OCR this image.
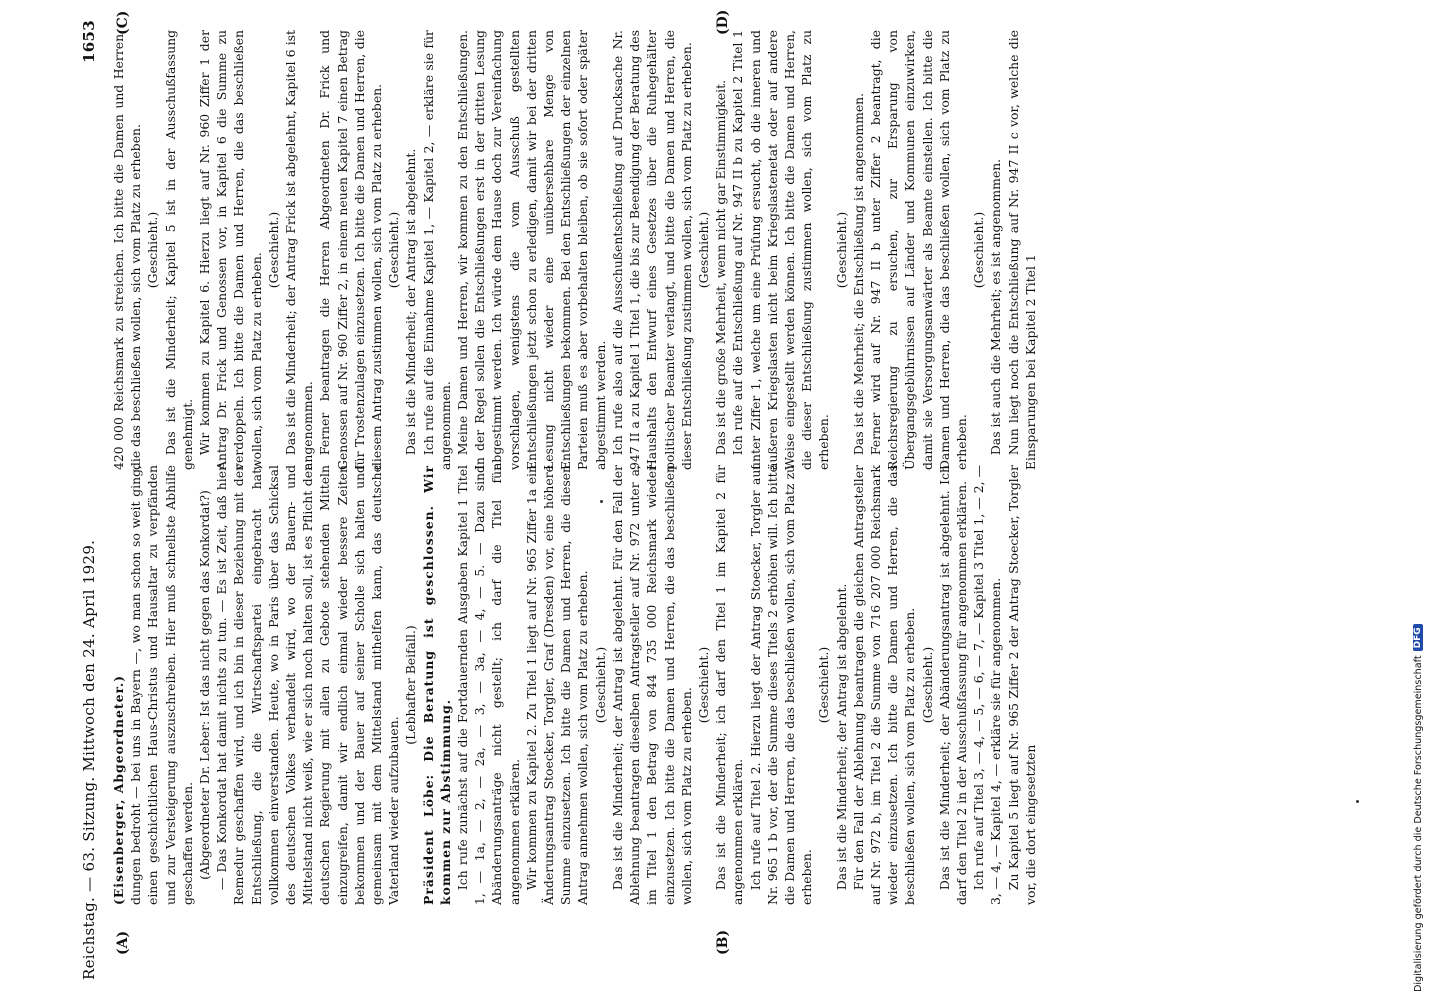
Reichstag. — 63. Sitzung. Mittwoch den 24. April 1929.
1653
(A)	(B)
(C)	(D)

(Eisenberger, Abgeordneter.) dungen bedroht — bei uns in Bayern —, wo man schon so weit ging, einen geschichtlichen Haus-Christus und Hausaltar zu verpfänden und zur Versteigerung auszuschreiben. Hier muß schnellste Abhilfe geschaffen werden. (Abgeordneter Dr. Leber: Ist das nicht gegen das Konkordat?) — Das Konkordat hat damit nichts zu tun. — Es ist Zeit, daß hier Remedur geschaffen wird, und ich bin in dieser Beziehung mit der Entschließung, die die Wirtschaftspartei eingebracht hat, vollkommen einverstanden. Heute, wo in Paris über das Schicksal des deutschen Volkes verhandelt wird, wo der Bauern- und Mittelstand nicht weiß, wie er sich noch halten soll, ist es Pflicht der deutschen Regierung mit allen zu Gebote stehenden Mitteln einzugreifen, damit wir endlich einmal wieder bessere Zeiten bekommen und der Bauer auf seiner Scholle sich halten und gemeinsam mit dem Mittelstand mithelfen kann, das deutsche Vaterland wieder aufzubauen.

(Lebhafter Beifall.) Präsident Löbe: Die Beratung ist geschlossen. Wir kommen zur Abstimmung. Ich rufe zunächst auf die Fortdauernden Ausgaben Kapitel 1 Titel 1, — 1a, — 2, — 2a, — 3, — 3a, — 4, — 5. — Dazu sind Abänderungsanträge nicht gestellt; ich darf die Titel für angenommen erklären. Wir kommen zu Kapitel 2. Zu Titel 1 liegt auf Nr. 965 Ziffer 1a ein Änderungsantrag Stoecker, Torgler, Graf (Dresden) vor, eine höhere Summe einzusetzen. Ich bitte die Damen und Herren, die diesen Antrag annehmen wollen, sich vom Platz zu erheben. (Geschieht.) Das ist die Minderheit; der Antrag ist abgelehnt. Für den Fall der Ablehnung beantragen dieselben Antragsteller auf Nr. 972 unter a, im Titel 1 den Betrag von 844 735 000 Reichsmark wieder einzusetzen. Ich bitte die Damen und Herren, die das beschließen wollen, sich vom Platz zu erheben.

(Geschieht.) Das ist die Minderheit; ich darf den Titel 1 im Kapitel 2 für angenommen erklären. Ich rufe auf Titel 2. Hierzu liegt der Antrag Stoecker, Torgler auf Nr. 965 1 b vor, der die Summe dieses Titels 2 erhöhen will. Ich bitte die Damen und Herren, die das beschließen wollen, sich vom Platz zu erheben.

(Geschieht.) Das ist die Minderheit; der Antrag ist abgelehnt. Für den Fall der Ablehnung beantragen die gleichen Antragsteller auf Nr. 972 b, im Titel 2 die Summe von 716 207 000 Reichsmark wieder einzusetzen. Ich bitte die Damen und Herren, die das beschließen wollen, sich vom Platz zu erheben. (Geschieht.) Das ist die Minderheit; der Abänderungsantrag ist abgelehnt. Ich darf den Titel 2 in der Ausschußfassung für angenommen erklären. Ich rufe auf Titel 3, — 4, — 5, — 6, — 7, — Kapitel 3 Titel 1, — 2, — 3, — 4, — Kapitel 4, — erkläre sie für angenommen. Zu Kapitel 5 liegt auf Nr. 965 Ziffer 2 der Antrag Stoecker, Torgler vor, die dort eingesetzten

420 000 Reichsmark zu streichen. Ich bitte die Damen und Herren, die das beschließen wollen, sich vom Platz zu erheben. (Geschieht.) Das ist die Minderheit; Kapitel 5 ist in der Ausschußfassung genehmigt. Wir kommen zu Kapitel 6. Hierzu liegt auf Nr. 960 Ziffer 1 der Antrag Dr. Frick und Genossen vor, in Kapitel 6 die Summe zu verdoppeln. Ich bitte die Damen und Herren, die das beschließen wollen, sich vom Platz zu erheben.

(Geschieht.) Das ist die Minderheit; der Antrag Frick ist abgelehnt, Kapitel 6 ist angenommen. Ferner beantragen die Herren Abgeordneten Dr. Frick und Genossen auf Nr. 960 Ziffer 2, in einem neuen Kapitel 7 einen Betrag für Trostenzulagen einzusetzen. Ich bitte die Damen und Herren, die diesem Antrag zustimmen wollen, sich vom Platz zu erheben. (Geschieht.) Das ist die Minderheit; der Antrag ist abgelehnt. Ich rufe auf die Einnahme Kapitel 1, — Kapitel 2, — erkläre sie für angenommen. Meine Damen und Herren, wir kommen zu den Entschließungen. In der Regel sollen die Entschließungen erst in der dritten Lesung abgestimmt werden. Ich würde dem Hause doch zur Vereinfachung vorschlagen, wenigstens die vom Ausschuß gestellten Entschließungen jetzt schon zu erledigen, damit wir bei der dritten Lesung nicht wieder eine unübersehbare Menge von Entschließungen bekommen. Bei den Entschließungen der einzelnen Parteien muß es aber vorbehalten bleiben, ob sie sofort oder später abgestimmt werden. Ich rufe also auf die Ausschußentschließung auf Drucksache Nr. 947 II a zu Kapitel 1 Titel 1, die bis zur Beendigung der Beratung des Haushalts den Entwurf eines Gesetzes über die Ruhegehälter politischer Beamter verlangt, und bitte die Damen und Herren, die dieser Entschließung zustimmen wollen, sich vom Platz zu erheben. (Geschieht.) Das ist die große Mehrheit, wenn nicht gar Einstimmigkeit. Ich rufe auf die Entschließung auf Nr. 947 II b zu Kapitel 2 Titel 1 unter Ziffer 1, welche um eine Prüfung ersucht, ob die inneren und äußeren Kriegslasten nicht beim Kriegslastenetat oder auf andere Weise eingestellt werden können. Ich bitte die Damen und Herren, die dieser Entschließung zustimmen wollen, sich vom Platz zu erheben.

(Geschieht.) Das ist die Mehrheit; die Entschließung ist angenommen. Ferner wird auf Nr. 947 II b unter Ziffer 2 beantragt, die Reichsregierung zu ersuchen, zur Ersparung von Übergangsgebührnissen auf Länder und Kommunen einzuwirken, damit sie Versorgungsanwärter als Beamte einstellen. Ich bitte die Damen und Herren, die das beschließen wollen, sich vom Platz zu erheben.

(Geschieht.) Das ist auch die Mehrheit; es ist angenommen. Nun liegt noch die Entschließung auf Nr. 947 II c vor, welche die Einsparungen bei Kapitel 2 Titel 1

Digitalisierung gefördert durch die Deutsche Forschungsgemeinschaft
DFG
